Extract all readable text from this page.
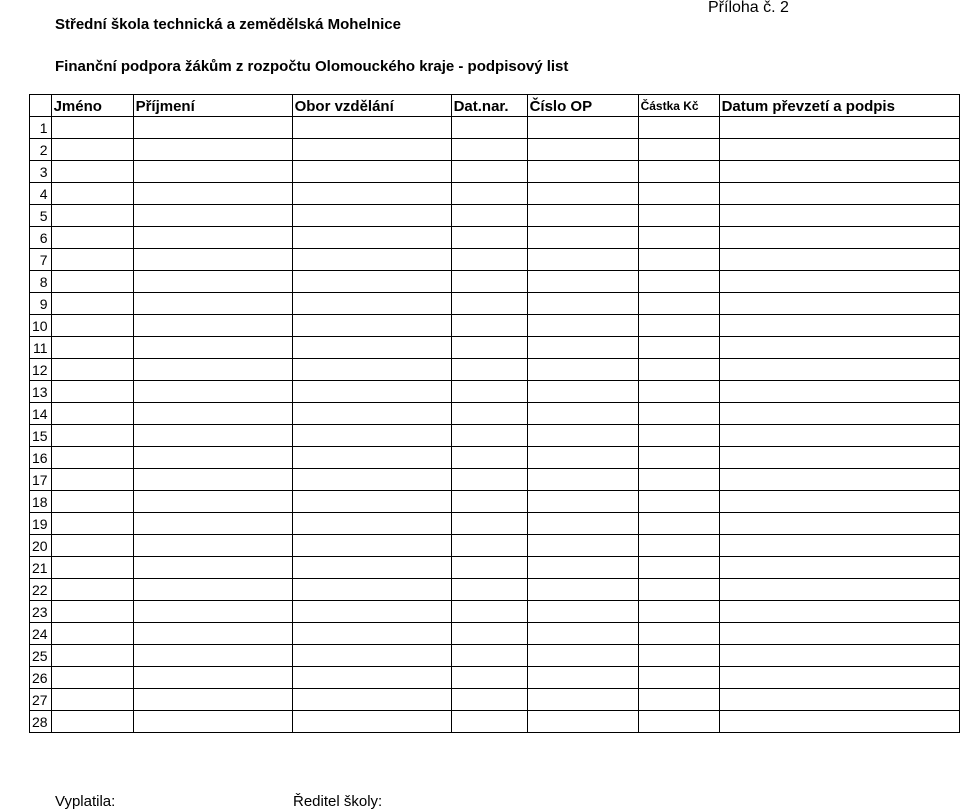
Střední škola technická a zemědělská Mohelnice
Příloha č. 2
Finanční podpora žákům z rozpočtu Olomouckého kraje - podpisový list
	Jméno	Příjmení	Obor vzdělání	Dat.nar.	Číslo OP	Částka Kč	Datum převzetí a podpis
1							
2							
3							
4							
5							
6							
7							
8							
9							
10							
11							
12							
13							
14							
15							
16							
17							
18							
19							
20							
21							
22							
23							
24							
25							
26							
27							
28							
Vyplatila:	Ředitel školy:
